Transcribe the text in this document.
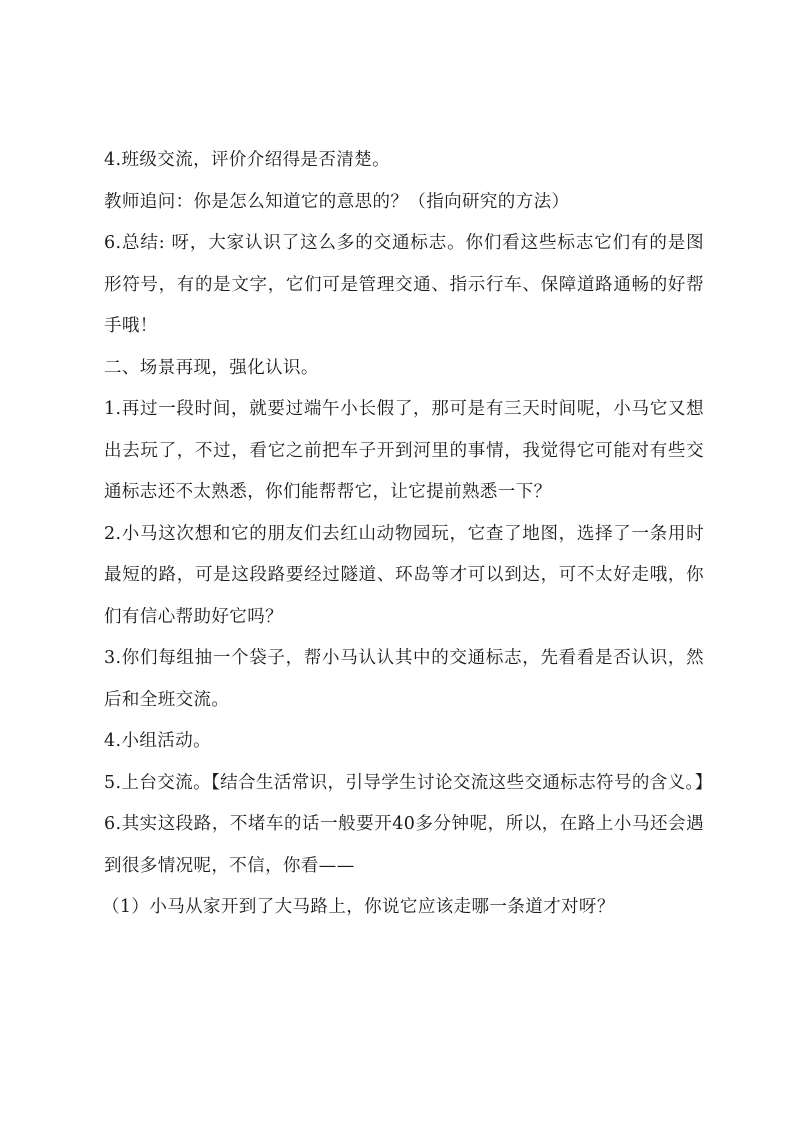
4.班级交流，评价介绍得是否清楚。

教师追问：你是怎么知道它的意思的？（指向研究的方法）

6.总结: 呀，大家认识了这么多的交通标志。你们看这些标志它们有的是图形符号，有的是文字，它们可是管理交通、指示行车、保障道路通畅的好帮手哦！

二、场景再现，强化认识。

1.再过一段时间，就要过端午小长假了，那可是有三天时间呢，小马它又想出去玩了，不过，看它之前把车子开到河里的事情，我觉得它可能对有些交通标志还不太熟悉，你们能帮帮它，让它提前熟悉一下？

2.小马这次想和它的朋友们去红山动物园玩，它查了地图，选择了一条用时最短的路，可是这段路要经过隧道、环岛等才可以到达，可不太好走哦，你们有信心帮助好它吗？

3.你们每组抽一个袋子，帮小马认认其中的交通标志，先看看是否认识，然后和全班交流。

4.小组活动。

5.上台交流。【结合生活常识，引导学生讨论交流这些交通标志符号的含义。】

6.其实这段路，不堵车的话一般要开40多分钟呢，所以，在路上小马还会遇到很多情况呢，不信，你看——

（1）小马从家开到了大马路上，你说它应该走哪一条道才对呀？
